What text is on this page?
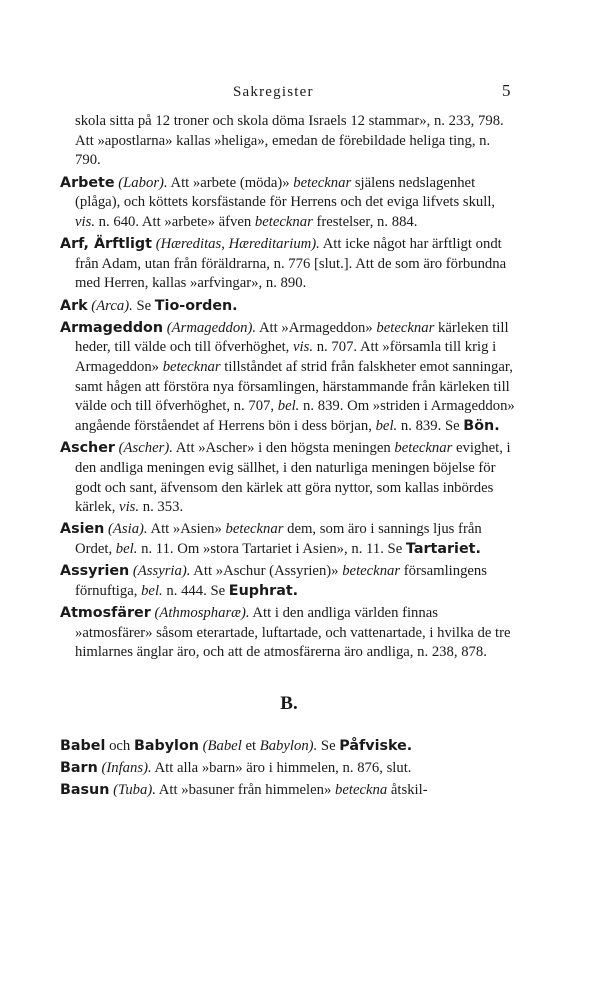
Sakregister	5

skola sitta på 12 troner och skola döma Israels 12 stammar», n. 233, 798. Att »apostlarna» kallas »heliga», emedan de förebildade heliga ting, n. 790.

Arbete (Labor). Att »arbete (möda)» betecknar själens nedslagenhet (plåga), och köttets korsfästande för Herrens och det eviga lifvets skull, vis. n. 640. Att »arbete» äfven betecknar frestelser, n. 884.

Arf, Ärftligt (Hæreditas, Hæreditarium). Att icke något har ärftligt ondt från Adam, utan från föräldrarna, n. 776 [slut.]. Att de som äro förbundna med Herren, kallas »arfvingar», n. 890.

Ark (Arca). Se Tio-orden.

Armageddon (Armageddon). Att »Armageddon» betecknar kärleken till heder, till välde och till öfverhöghet, vis. n. 707. Att »församla till krig i Armageddon» betecknar tillståndet af strid från falskheter emot sanningar, samt hågen att förstöra nya församlingen, härstammande från kärleken till välde och till öfverhöghet, n. 707, bel. n. 839. Om »striden i Armageddon» angående förståendet af Herrens bön i dess början, bel. n. 839. Se Bön.

Ascher (Ascher). Att »Ascher» i den högsta meningen betecknar evighet, i den andliga meningen evig sällhet, i den naturliga meningen böjelse för godt och sant, äfvensom den kärlek att göra nyttor, som kallas inbördes kärlek, vis. n. 353.

Asien (Asia). Att »Asien» betecknar dem, som äro i sannings ljus från Ordet, bel. n. 11. Om »stora Tartariet i Asien», n. 11. Se Tartariet.

Assyrien (Assyria). Att »Aschur (Assyrien)» betecknar församlingens förnuftiga, bel. n. 444. Se Euphrat.

Atmosfärer (Athmospharæ). Att i den andliga världen finnas »atmosfärer» såsom eterartade, luftartade, och vattenartade, i hvilka de tre himlarnes änglar äro, och att de atmosfärerna äro andliga, n. 238, 878.

B.

Babel och Babylon (Babel et Babylon). Se Påfviske.

Barn (Infans). Att alla »barn» äro i himmelen, n. 876, slut.

Basun (Tuba). Att »basuner från himmelen» beteckna åtskil-
